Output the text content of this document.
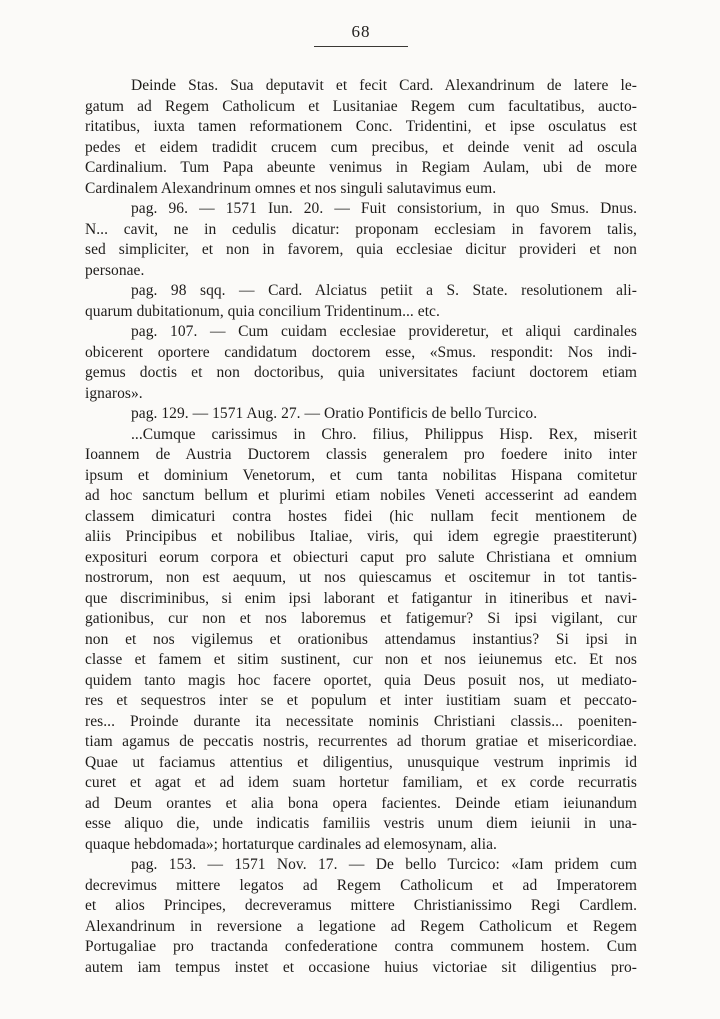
68
Deinde Stas. Sua deputavit et fecit Card. Alexandrinum de latere le-
gatum ad Regem Catholicum et Lusitaniae Regem cum facultatibus, aucto-
ritatibus, iuxta tamen reformationem Conc. Tridentini, et ipse osculatus est
pedes et eidem tradidit crucem cum precibus, et deinde venit ad oscula
Cardinalium. Tum Papa abeunte venimus in Regiam Aulam, ubi de more
Cardinalem Alexandrinum omnes et nos singuli salutavimus eum.
pag. 96. — 1571 Iun. 20. — Fuit consistorium, in quo Smus. Dnus.
N... cavit, ne in cedulis dicatur: proponam ecclesiam in favorem talis,
sed simpliciter, et non in favorem, quia ecclesiae dicitur provideri et non
personae.
pag. 98 sqq. — Card. Alciatus petiit a S. State. resolutionem ali-
quarum dubitationum, quia concilium Tridentinum... etc.
pag. 107. — Cum cuidam ecclesiae provideretur, et aliqui cardinales
obicerent oportere candidatum doctorem esse, «Smus. respondit: Nos indi-
gemus doctis et non doctoribus, quia universitates faciunt doctorem etiam
ignaros».
pag. 129. — 1571 Aug. 27. — Oratio Pontificis de bello Turcico.
...Cumque carissimus in Chro. filius, Philippus Hisp. Rex, miserit
Ioannem de Austria Ductorem classis generalem pro foedere inito inter
ipsum et dominium Venetorum, et cum tanta nobilitas Hispana comitetur
ad hoc sanctum bellum et plurimi etiam nobiles Veneti accesserint ad eandem
classem dimicaturi contra hostes fidei (hic nullam fecit mentionem de
aliis Principibus et nobilibus Italiae, viris, qui idem egregie praestiterunt)
exposituri eorum corpora et obiecturi caput pro salute Christiana et omnium
nostrorum, non est aequum, ut nos quiescamus et oscitemur in tot tantis-
que discriminibus, si enim ipsi laborant et fatigantur in itineribus et navi-
gationibus, cur non et nos laboremus et fatigemur? Si ipsi vigilant, cur
non et nos vigilemus et orationibus attendamus instantius? Si ipsi in
classe et famem et sitim sustinent, cur non et nos ieiunemus etc. Et nos
quidem tanto magis hoc facere oportet, quia Deus posuit nos, ut mediato-
res et sequestros inter se et populum et inter iustitiam suam et peccato-
res... Proinde durante ita necessitate nominis Christiani classis... poeniten-
tiam agamus de peccatis nostris, recurrentes ad thorum gratiae et misericordiae.
Quae ut faciamus attentius et diligentius, unusquique vestrum inprimis id
curet et agat et ad idem suam hortetur familiam, et ex corde recurratis
ad Deum orantes et alia bona opera facientes. Deinde etiam ieiunandum
esse aliquo die, unde indicatis familiis vestris unum diem ieiunii in una-
quaque hebdomada»; hortaturque cardinales ad elemosynam, alia.
pag. 153. — 1571 Nov. 17. — De bello Turcico: «Iam pridem cum
decrevimus mittere legatos ad Regem Catholicum et ad Imperatorem
et alios Principes, decreveramus mittere Christianissimo Regi Cardlem.
Alexandrinum in reversione a legatione ad Regem Catholicum et Regem
Portugaliae pro tractanda confederatione contra communem hostem. Cum
autem iam tempus instet et occasione huius victoriae sit diligentius pro-
